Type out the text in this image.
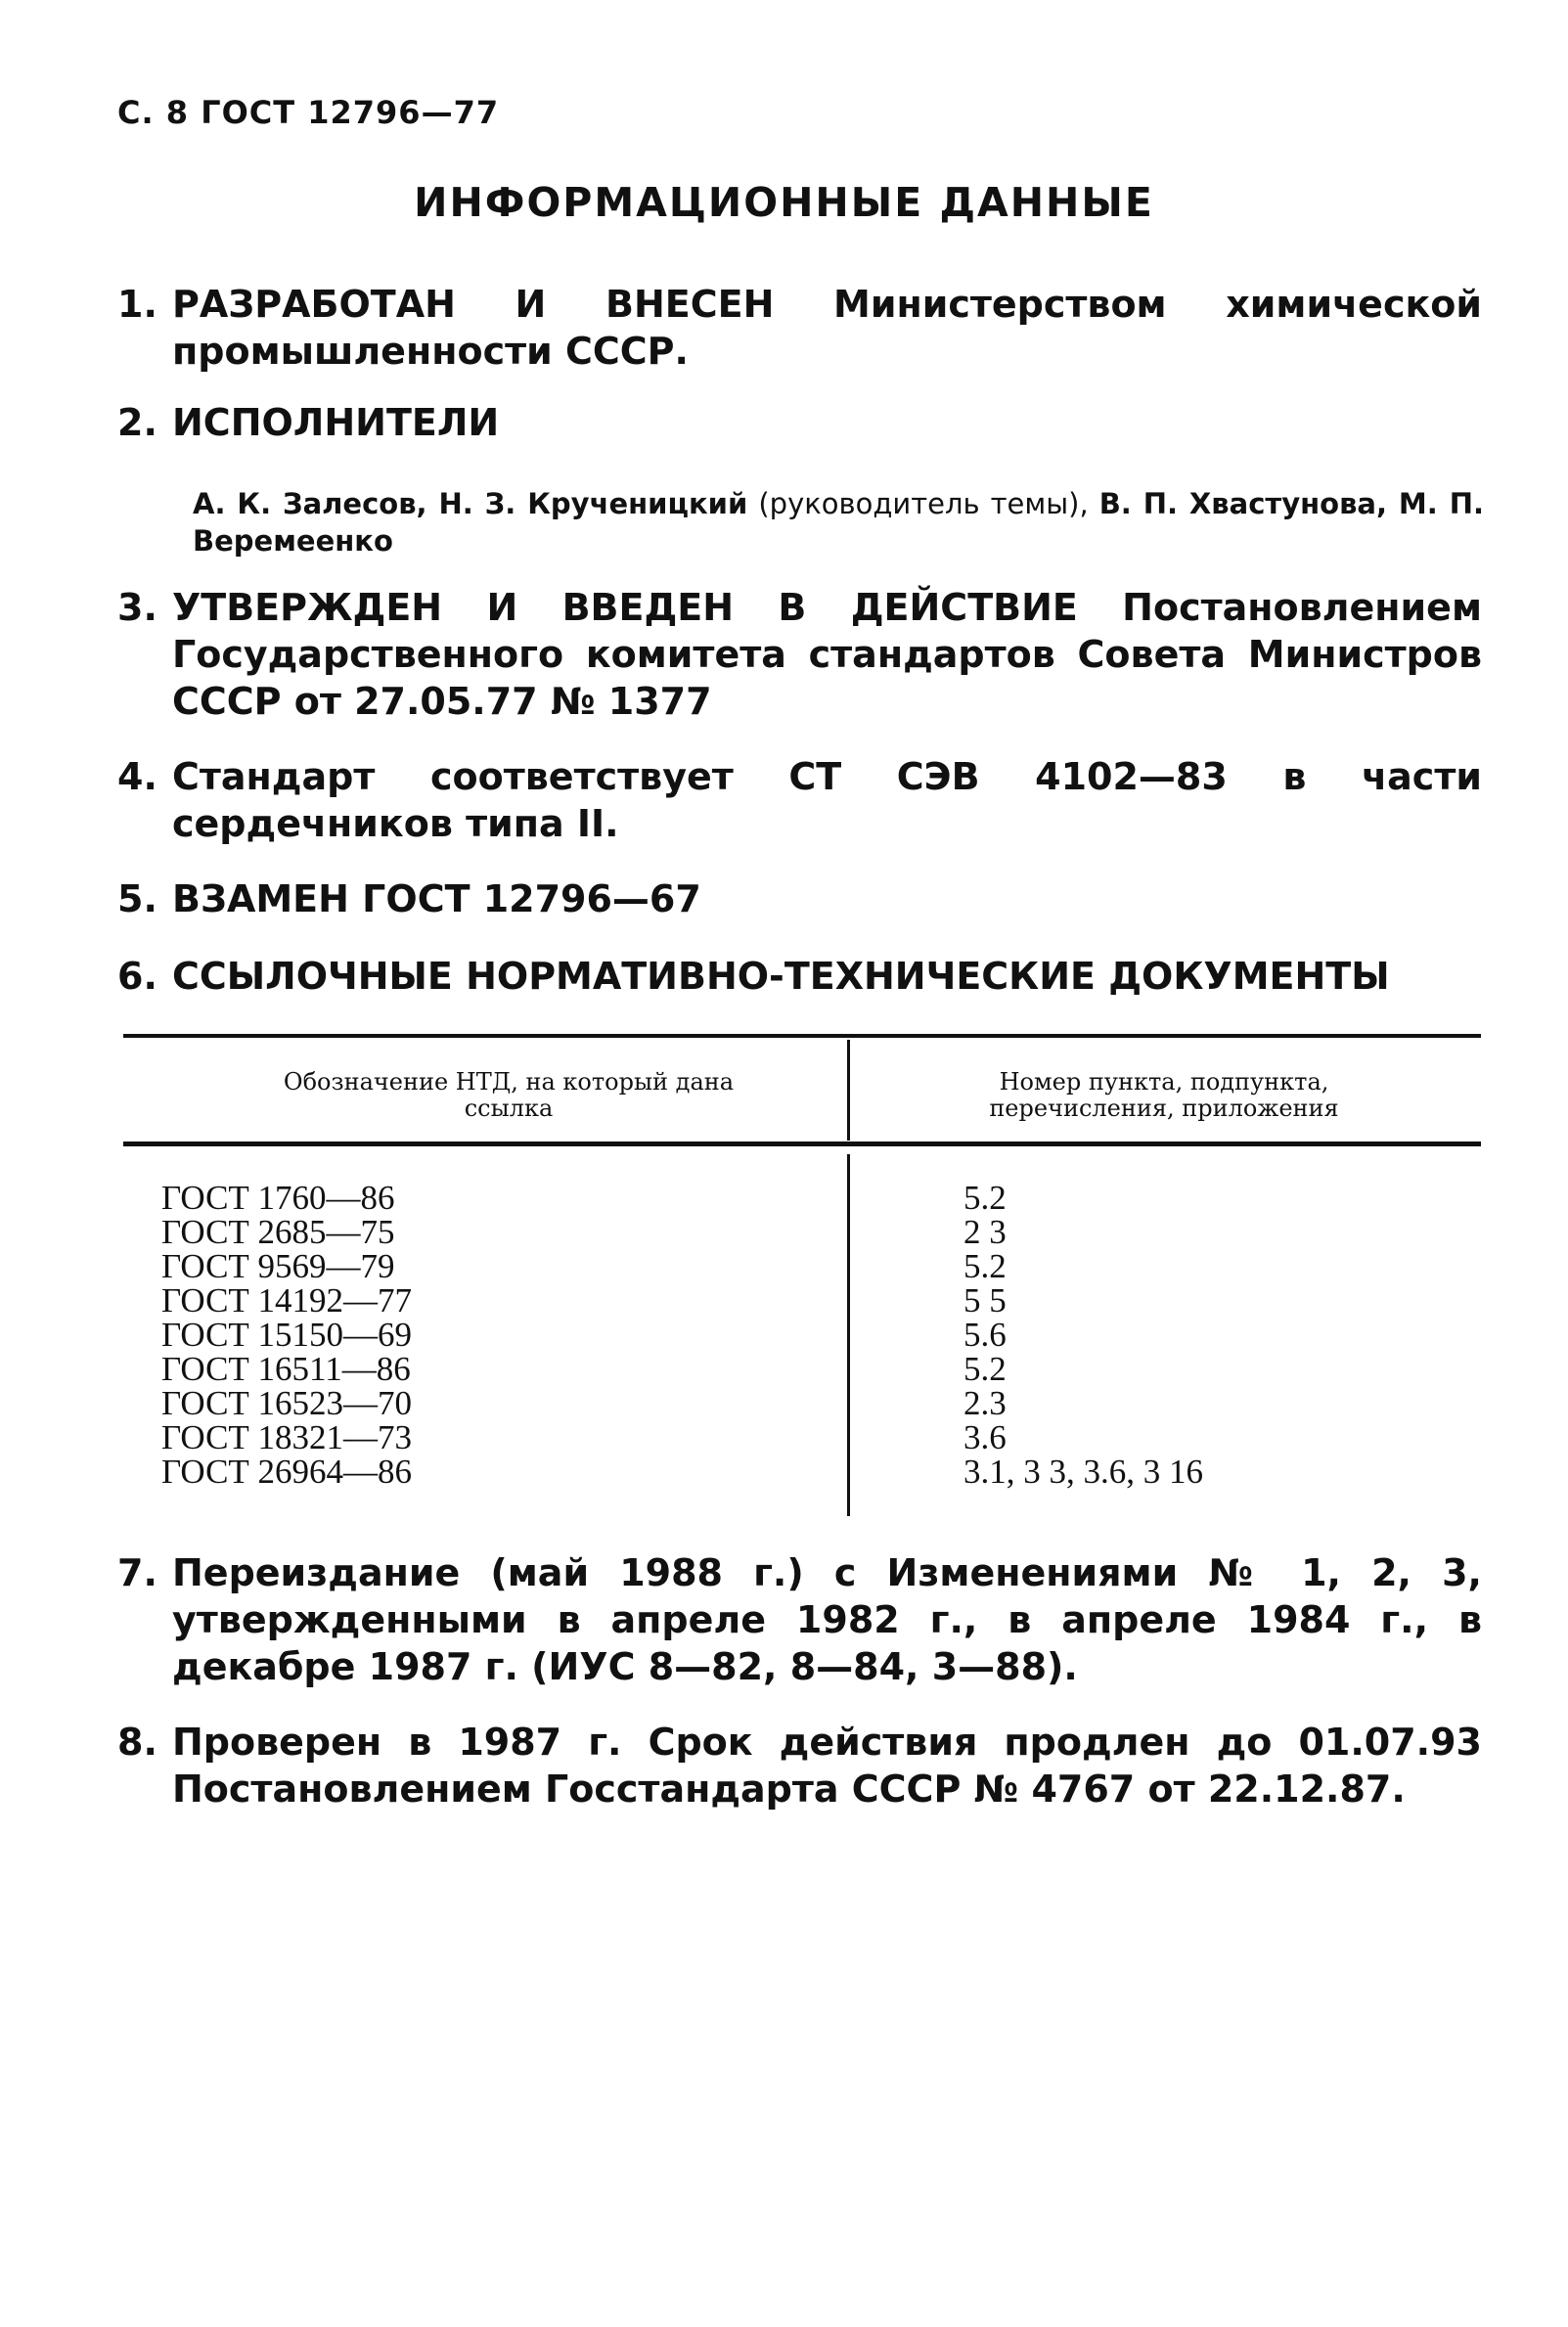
С. 8 ГОСТ 12796—77
ИНФОРМАЦИОННЫЕ ДАННЫЕ
1. РАЗРАБОТАН И ВНЕСЕН Министерством химической промышленности СССР.
2. ИСПОЛНИТЕЛИ
А. К. Залесов, Н. З. Крученицкий (руководитель темы), В. П. Хвастунова, М. П. Веремеенко
3. УТВЕРЖДЕН И ВВЕДЕН В ДЕЙСТВИЕ Постановлением Государственного комитета стандартов Совета Министров СССР от 27.05.77 № 1377
4. Стандарт соответствует СТ СЭВ 4102—83 в части сердечников типа II.
5. ВЗАМЕН ГОСТ 12796—67
6. ССЫЛОЧНЫЕ НОРМАТИВНО-ТЕХНИЧЕСКИЕ ДОКУМЕНТЫ
Обозначение НТД, на который дана ссылка
Номер пункта, подпункта, перечисления, приложения
ГОСТ 1760—86
ГОСТ 2685—75
ГОСТ 9569—79
ГОСТ 14192—77
ГОСТ 15150—69
ГОСТ 16511—86
ГОСТ 16523—70
ГОСТ 18321—73
ГОСТ 26964—86
5.2
2 3
5.2
5 5
5.6
5.2
2.3
3.6
3.1, 3 3, 3.6, 3 16
7. Переиздание (май 1988 г.) с Изменениями № 1, 2, 3, утвержденными в апреле 1982 г., в апреле 1984 г., в декабре 1987 г. (ИУС 8—82, 8—84, 3—88).
8. Проверен в 1987 г. Срок действия продлен до 01.07.93 Постановлением Госстандарта СССР № 4767 от 22.12.87.
